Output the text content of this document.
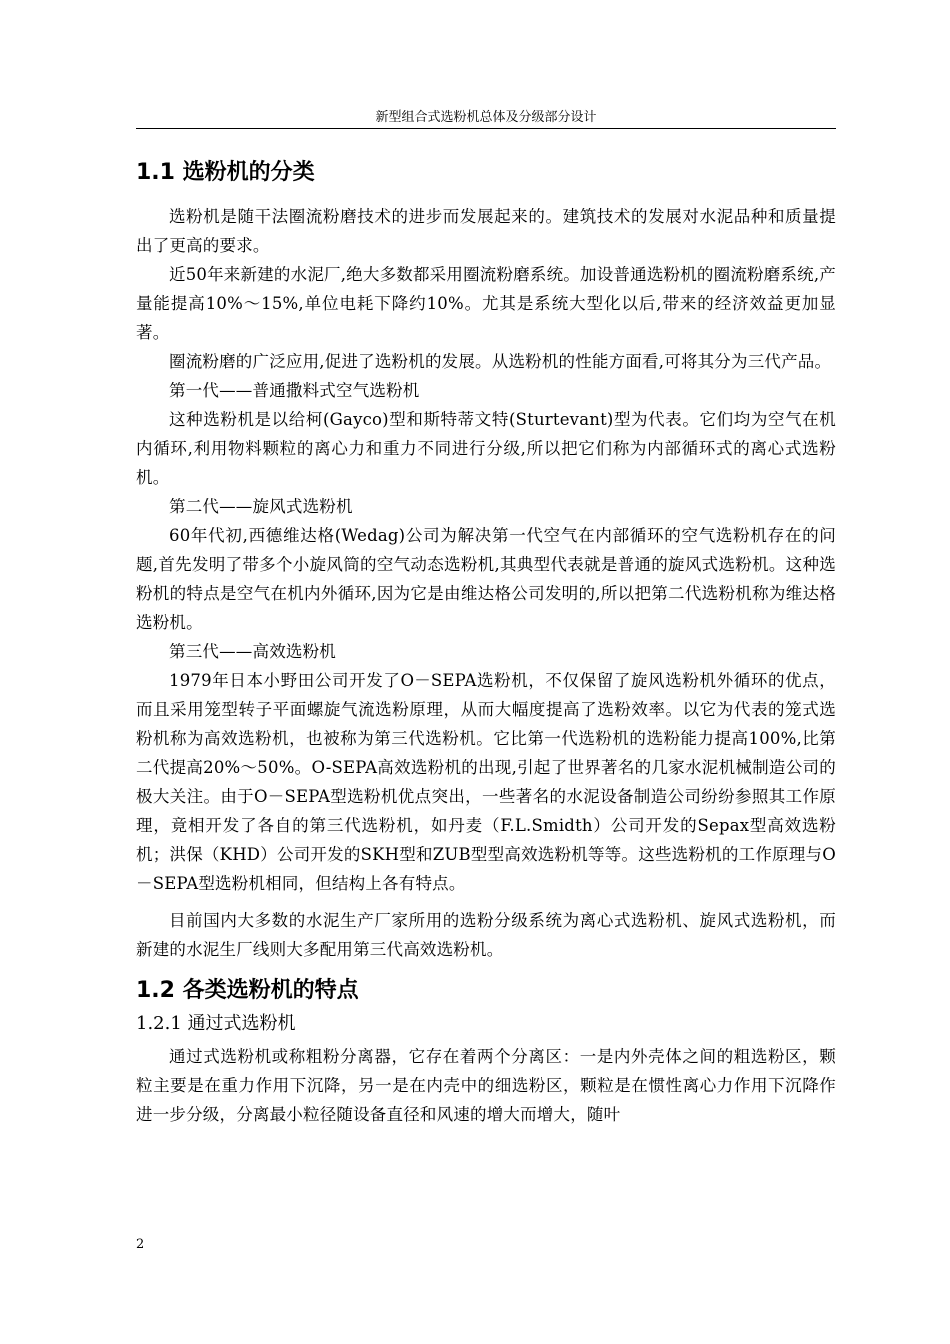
新型组合式选粉机总体及分级部分设计
1.1 选粉机的分类

选粉机是随干法圈流粉磨技术的进步而发展起来的。建筑技术的发展对水泥品种和质量提出了更高的要求。

近50年来新建的水泥厂,绝大多数都采用圈流粉磨系统。加设普通选粉机的圈流粉磨系统,产量能提高10%～15%,单位电耗下降约10%。尤其是系统大型化以后,带来的经济效益更加显著。

圈流粉磨的广泛应用,促进了选粉机的发展。从选粉机的性能方面看,可将其分为三代产品。

第一代——普通撒料式空气选粉机

这种选粉机是以给柯(Gayco)型和斯特蒂文特(Sturtevant)型为代表。它们均为空气在机内循环,利用物料颗粒的离心力和重力不同进行分级,所以把它们称为内部循环式的离心式选粉机。

第二代——旋风式选粉机

60年代初,西德维达格(Wedag)公司为解决第一代空气在内部循环的空气选粉机存在的问题,首先发明了带多个小旋风筒的空气动态选粉机,其典型代表就是普通的旋风式选粉机。这种选粉机的特点是空气在机内外循环,因为它是由维达格公司发明的,所以把第二代选粉机称为维达格选粉机。

第三代——高效选粉机

1979年日本小野田公司开发了O－SEPA选粉机，不仅保留了旋风选粉机外循环的优点，而且采用笼型转子平面螺旋气流选粉原理，从而大幅度提高了选粉效率。以它为代表的笼式选粉机称为高效选粉机，也被称为第三代选粉机。它比第一代选粉机的选粉能力提高100%,比第二代提高20%～50%。O-SEPA高效选粉机的出现,引起了世界著名的几家水泥机械制造公司的极大关注。由于O－SEPA型选粉机优点突出，一些著名的水泥设备制造公司纷纷参照其工作原理，竟相开发了各自的第三代选粉机，如丹麦（F.L.Smidth）公司开发的Sepax型高效选粉机；洪保（KHD）公司开发的SKH型和ZUB型型高效选粉机等等。这些选粉机的工作原理与O－SEPA型选粉机相同，但结构上各有特点。

目前国内大多数的水泥生产厂家所用的选粉分级系统为离心式选粉机、旋风式选粉机，而新建的水泥生厂线则大多配用第三代高效选粉机。

1.2 各类选粉机的特点
1.2.1 通过式选粉机

通过式选粉机或称粗粉分离器，它存在着两个分离区：一是内外壳体之间的粗选粉区，颗粒主要是在重力作用下沉降，另一是在内壳中的细选粉区，颗粒是在惯性离心力作用下沉降作进一步分级，分离最小粒径随设备直径和风速的增大而增大，随叶

2
